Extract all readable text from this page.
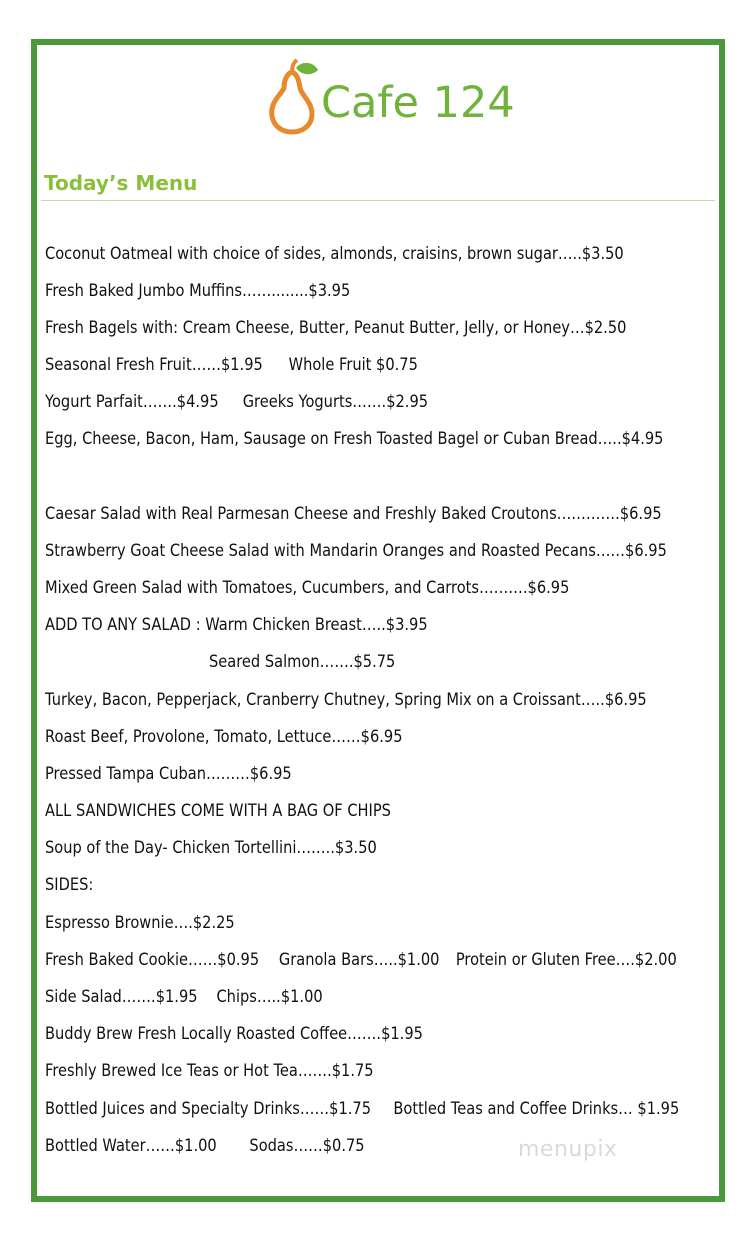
Cafe 124
Today’s Menu
Coconut Oatmeal with choice of sides, almonds, craisins, brown sugar…..$3.50
Fresh Baked Jumbo Muffins……........$3.95
Fresh Bagels with: Cream Cheese, Butter, Peanut Butter, Jelly, or Honey…$2.50
Seasonal Fresh Fruit……$1.95 Whole Fruit $0.75
Yogurt Parfait…….$4.95 Greeks Yogurts…….$2.95
Egg, Cheese, Bacon, Ham, Sausage on Fresh Toasted Bagel or Cuban Bread…..$4.95
Caesar Salad with Real Parmesan Cheese and Freshly Baked Croutons………….$6.95
Strawberry Goat Cheese Salad with Mandarin Oranges and Roasted Pecans……$6.95
Mixed Green Salad with Tomatoes, Cucumbers, and Carrots……….$6.95
ADD TO ANY SALAD : Warm Chicken Breast…..$3.95
Seared Salmon…….$5.75
Turkey, Bacon, Pepperjack, Cranberry Chutney, Spring Mix on a Croissant…..$6.95
Roast Beef, Provolone, Tomato, Lettuce……$6.95
Pressed Tampa Cuban………$6.95
ALL SANDWICHES COME WITH A BAG OF CHIPS
Soup of the Day- Chicken Tortellini……..$3.50
SIDES:
Espresso Brownie….$2.25
Fresh Baked Cookie……$0.95 Granola Bars…..$1.00 Protein or Gluten Free….$2.00
Side Salad…….$1.95 Chips…..$1.00
Buddy Brew Fresh Locally Roasted Coffee…….$1.95
Freshly Brewed Ice Teas or Hot Tea…….$1.75
Bottled Juices and Specialty Drinks……$1.75 Bottled Teas and Coffee Drinks… $1.95
Bottled Water……$1.00 Sodas……$0.75	menupix
